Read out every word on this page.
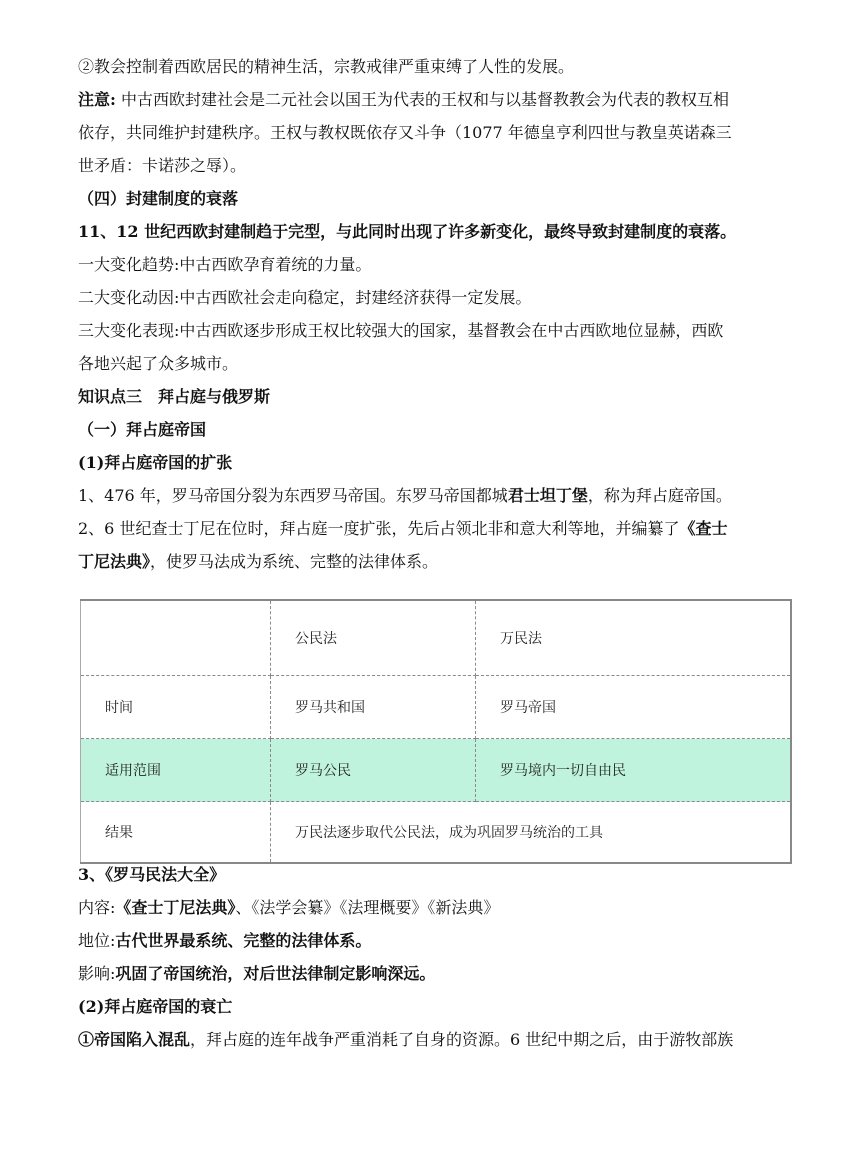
②教会控制着西欧居民的精神生活，宗教戒律严重束缚了人性的发展。
注意: 中古西欧封建社会是二元社会以国王为代表的王权和与以基督教教会为代表的教权互相
依存，共同维护封建秩序。王权与教权既依存又斗争（1077 年德皇亨利四世与教皇英诺森三
世矛盾：卡诺莎之辱）。
（四）封建制度的衰落
11、12 世纪西欧封建制趋于完型，与此同时出现了许多新变化，最终导致封建制度的衰落。
一大变化趋势:中古西欧孕育着统的力量。
二大变化动因:中古西欧社会走向稳定，封建经济获得一定发展。
三大变化表现:中古西欧逐步形成王权比较强大的国家，基督教会在中古西欧地位显赫，西欧
各地兴起了众多城市。
知识点三　拜占庭与俄罗斯
（一）拜占庭帝国
(1)拜占庭帝国的扩张
1、476 年，罗马帝国分裂为东西罗马帝国。东罗马帝国都城君士坦丁堡，称为拜占庭帝国。
2、6 世纪查士丁尼在位时，拜占庭一度扩张，先后占领北非和意大利等地，并编纂了《查士
丁尼法典》，使罗马法成为系统、完整的法律体系。
	公民法	万民法
时间	罗马共和国	罗马帝国
适用范围	罗马公民	罗马境内一切自由民
结果	万民法逐步取代公民法，成为巩固罗马统治的工具	
3、《罗马民法大全》
内容:《查士丁尼法典》、《法学会纂》《法理概要》《新法典》
地位:古代世界最系统、完整的法律体系。
影响:巩固了帝国统治，对后世法律制定影响深远。
(2)拜占庭帝国的衰亡
①帝国陷入混乱，拜占庭的连年战争严重消耗了自身的资源。6 世纪中期之后，由于游牧部族
